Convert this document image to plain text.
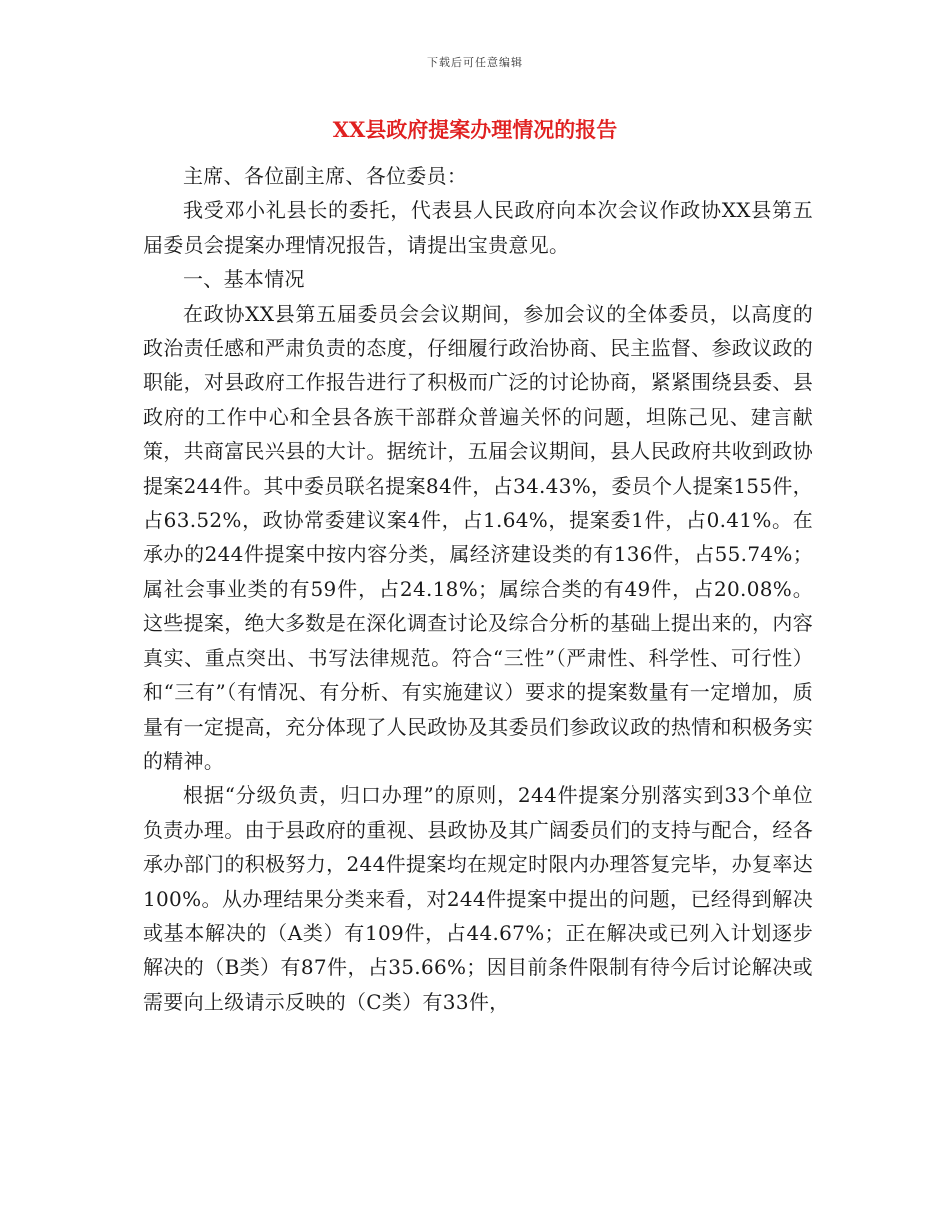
下载后可任意编辑
XX县政府提案办理情况的报告

主席、各位副主席、各位委员：

我受邓小礼县长的委托，代表县人民政府向本次会议作政协XX县第五届委员会提案办理情况报告，请提出宝贵意见。

一、基本情况

在政协XX县第五届委员会会议期间，参加会议的全体委员，以高度的政治责任感和严肃负责的态度，仔细履行政治协商、民主监督、参政议政的职能，对县政府工作报告进行了积极而广泛的讨论协商，紧紧围绕县委、县政府的工作中心和全县各族干部群众普遍关怀的问题，坦陈己见、建言献策，共商富民兴县的大计。据统计，五届会议期间，县人民政府共收到政协提案244件。其中委员联名提案84件，占34.43%，委员个人提案155件，占63.52%，政协常委建议案4件，占1.64%，提案委1件，占0.41%。在承办的244件提案中按内容分类，属经济建设类的有136件，占55.74%；属社会事业类的有59件，占24.18%；属综合类的有49件，占20.08%。这些提案，绝大多数是在深化调查讨论及综合分析的基础上提出来的，内容真实、重点突出、书写法律规范。符合“三性”（严肃性、科学性、可行性）和“三有”（有情况、有分析、有实施建议）要求的提案数量有一定增加，质量有一定提高，充分体现了人民政协及其委员们参政议政的热情和积极务实的精神。

根据“分级负责，归口办理”的原则，244件提案分别落实到33个单位负责办理。由于县政府的重视、县政协及其广阔委员们的支持与配合，经各承办部门的积极努力，244件提案均在规定时限内办理答复完毕，办复率达100%。从办理结果分类来看，对244件提案中提出的问题，已经得到解决或基本解决的（A类）有109件，占44.67%；正在解决或已列入计划逐步解决的（B类）有87件，占35.66%；因目前条件限制有待今后讨论解决或需要向上级请示反映的（C类）有33件，
